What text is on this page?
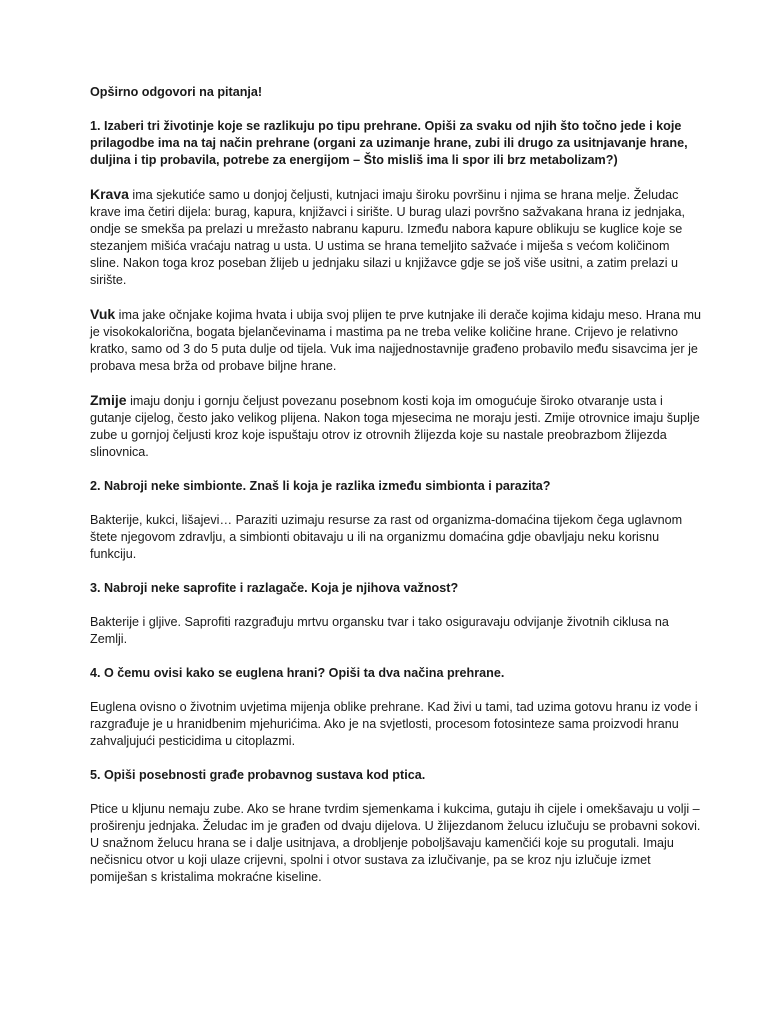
Opširno odgovori na pitanja!

1. Izaberi tri životinje koje se razlikuju po tipu prehrane. Opiši za svaku od njih što točno jede i koje prilagodbe ima na taj način prehrane (organi za uzimanje hrane, zubi ili drugo za usitnjavanje hrane, duljina i tip probavila, potrebe za energijom – Što misliš ima li spor ili brz metabolizam?)

Krava ima sjekutiće samo u donjoj čeljusti, kutnjaci imaju široku površinu i njima se hrana melje. Želudac krave ima četiri dijela: burag, kapura, knjižavci i sirište. U burag ulazi površno sažvakana hrana iz jednjaka, ondje se smekša pa prelazi u mrežasto nabranu kapuru. Između nabora kapure oblikuju se kuglice koje se stezanjem mišića vraćaju natrag u usta. U ustima se hrana temeljito sažvaće i miješa s većom količinom sline. Nakon toga kroz poseban žlijeb u jednjaku silazi u knjižavce gdje se još više usitni, a zatim prelazi u sirište.

Vuk ima jake očnjake kojima hvata i ubija svoj plijen te prve kutnjake ili derače kojima kidaju meso. Hrana mu je visokokalorična, bogata bjelančevinama i mastima pa ne treba velike količine hrane. Crijevo je relativno kratko, samo od 3 do 5 puta dulje od tijela. Vuk ima najjednostavnije građeno probavilo među sisavcima jer je probava mesa brža od probave biljne hrane.

Zmije imaju donju i gornju čeljust povezanu posebnom kosti koja im omogućuje široko otvaranje usta i gutanje cijelog, često jako velikog plijena. Nakon toga mjesecima ne moraju jesti. Zmije otrovnice imaju šuplje zube u gornjoj čeljusti kroz koje ispuštaju otrov iz otrovnih žlijezda koje su nastale preobrazbom žlijezda slinovnica.

2. Nabroji neke simbionte. Znaš li koja je razlika između simbionta i parazita?

Bakterije, kukci, lišajevi… Paraziti uzimaju resurse za rast od organizma-domaćina tijekom čega uglavnom štete njegovom zdravlju, a simbionti obitavaju u ili na organizmu domaćina gdje obavljaju neku korisnu funkciju.

3. Nabroji neke saprofite i razlagače. Koja je njihova važnost?

Bakterije i gljive. Saprofiti razgrađuju mrtvu organsku tvar i tako osiguravaju odvijanje životnih ciklusa na Zemlji.

4. O čemu ovisi kako se euglena hrani? Opiši ta dva načina prehrane.

Euglena ovisno o životnim uvjetima mijenja oblike prehrane. Kad živi u tami, tad uzima gotovu hranu iz vode i razgrađuje je u hranidbenim mjehurićima. Ako je na svjetlosti, procesom fotosinteze sama proizvodi hranu zahvaljujući pesticidima u citoplazmi.

5. Opiši posebnosti građe probavnog sustava kod ptica.

Ptice u kljunu nemaju zube. Ako se hrane tvrdim sjemenkama i kukcima, gutaju ih cijele i omekšavaju u volji – proširenju jednjaka. Želudac im je građen od dvaju dijelova. U žlijezdanom želucu izlučuju se probavni sokovi. U snažnom želucu hrana se i dalje usitnjava, a drobljenje poboljšavaju kamenčići koje su progutali. Imaju nečisnicu otvor u koji ulaze crijevni, spolni i otvor sustava za izlučivanje, pa se kroz nju izlučuje izmet pomiješan s kristalima mokraćne kiseline.
